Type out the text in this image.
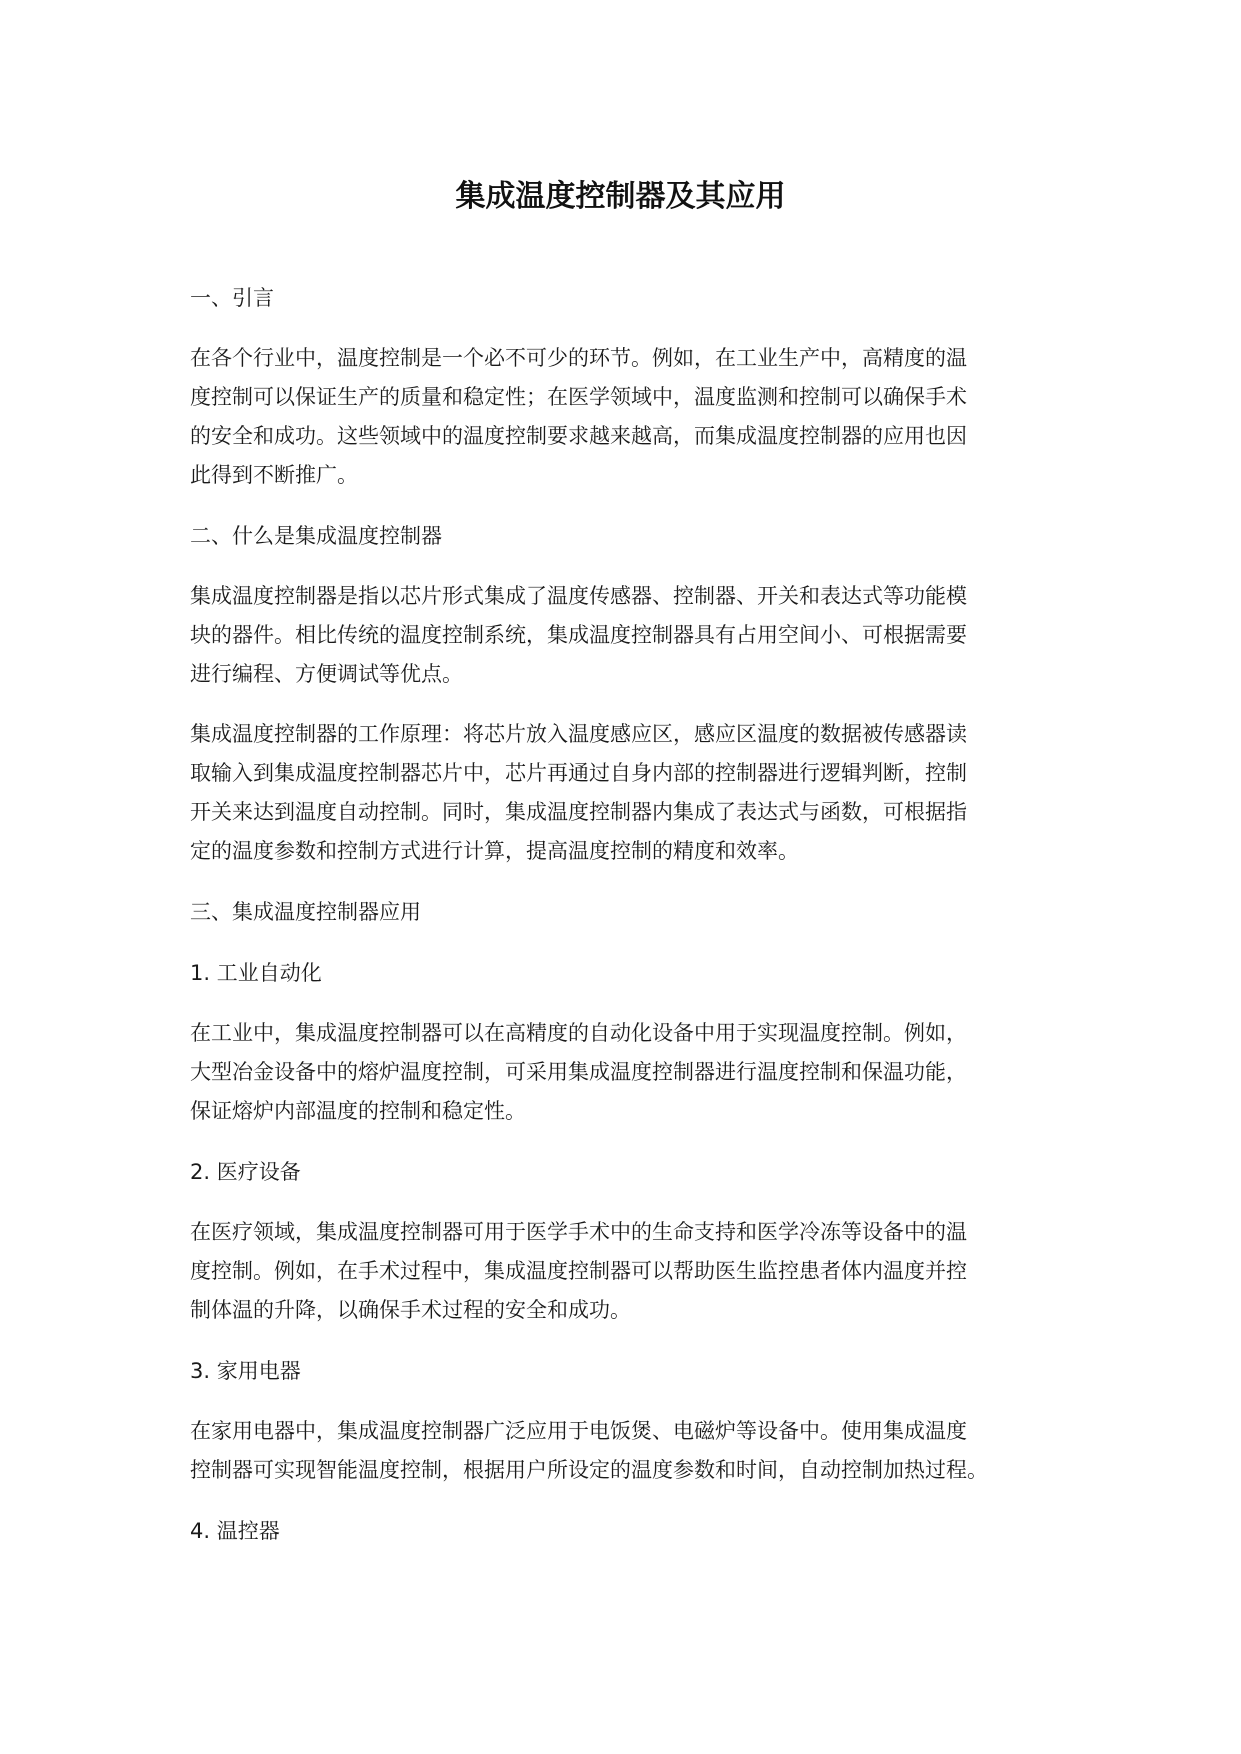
集成温度控制器及其应用

一、引言

在各个行业中，温度控制是一个必不可少的环节。例如，在工业生产中，高精度的温
度控制可以保证生产的质量和稳定性；在医学领域中，温度监测和控制可以确保手术
的安全和成功。这些领域中的温度控制要求越来越高，而集成温度控制器的应用也因
此得到不断推广。

二、什么是集成温度控制器

集成温度控制器是指以芯片形式集成了温度传感器、控制器、开关和表达式等功能模
块的器件。相比传统的温度控制系统，集成温度控制器具有占用空间小、可根据需要
进行编程、方便调试等优点。

集成温度控制器的工作原理：将芯片放入温度感应区，感应区温度的数据被传感器读
取输入到集成温度控制器芯片中，芯片再通过自身内部的控制器进行逻辑判断，控制
开关来达到温度自动控制。同时，集成温度控制器内集成了表达式与函数，可根据指
定的温度参数和控制方式进行计算，提高温度控制的精度和效率。

三、集成温度控制器应用

1. 工业自动化

在工业中，集成温度控制器可以在高精度的自动化设备中用于实现温度控制。例如，
大型冶金设备中的熔炉温度控制，可采用集成温度控制器进行温度控制和保温功能，
保证熔炉内部温度的控制和稳定性。

2. 医疗设备

在医疗领域，集成温度控制器可用于医学手术中的生命支持和医学冷冻等设备中的温
度控制。例如，在手术过程中，集成温度控制器可以帮助医生监控患者体内温度并控
制体温的升降，以确保手术过程的安全和成功。

3. 家用电器

在家用电器中，集成温度控制器广泛应用于电饭煲、电磁炉等设备中。使用集成温度
控制器可实现智能温度控制，根据用户所设定的温度参数和时间，自动控制加热过程。

4. 温控器
